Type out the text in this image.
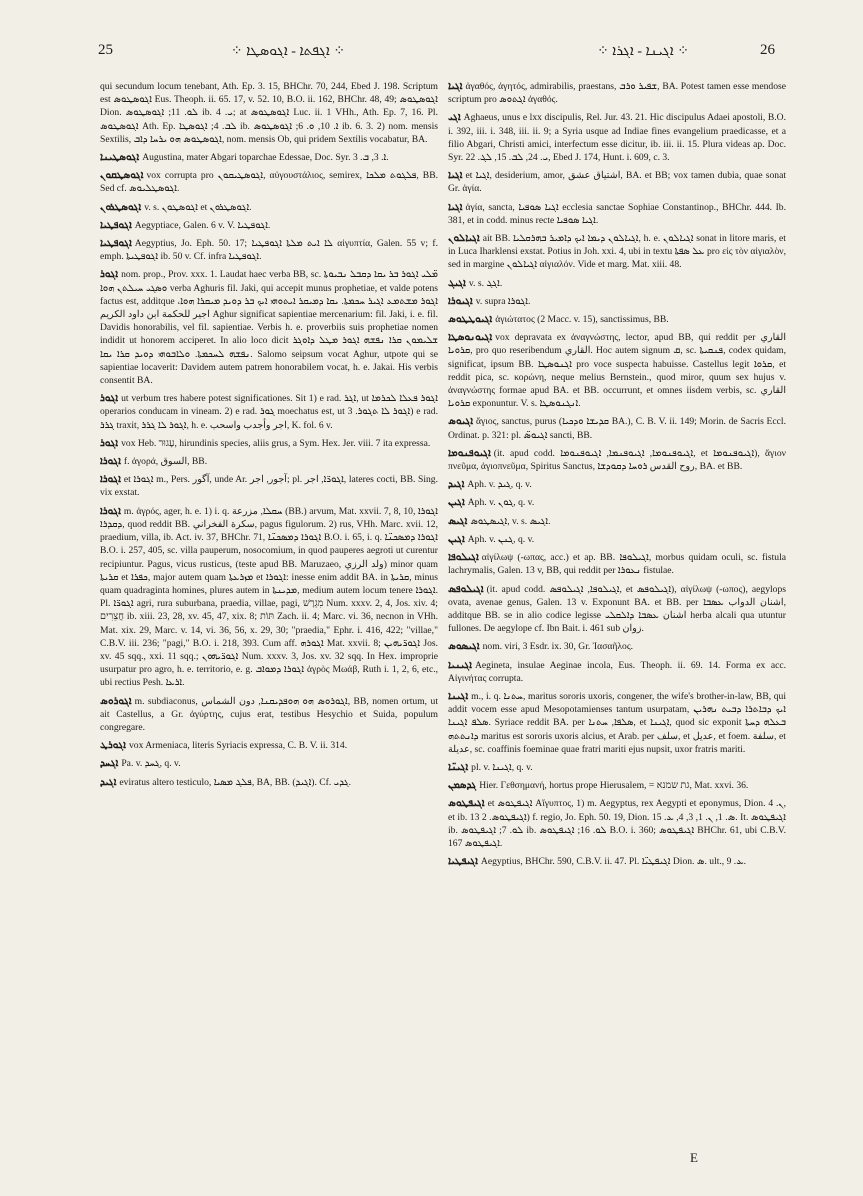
25	⁘ ܐܓܦܬܐ - ܐܓܘܣܛܐ ⁘	⁘ ܐܓܝܢܐ - ܐܓܪܐ ⁘	26

qui secundum locum tenebant, Ath. Ep. 3. 15, BHChr. 70, 244, Ebed J. 198. Scriptum est ܐܓܘܣܛܘܣ Eus. Theoph. ii. 65. 17, v. 52. 10, B.O. ii. 162, BHChr. 48, 49; ܐܓܘܣܛܘܣ Dion. ܠܘ. 11; ܐܓܘܣܛܘܣ ib. ܝ. 4; at ܐܓܘܣܛܘܣ Luc. ii. 1 VHh., Ath. Ep. 7, 16. Pl. ܐܓܘܣܛܘܣ Ath. Ep. ܠܒ. 4; ܐܓܘܣܛܐ ib. ܐ. 10, ܘ. 6; ܐܓܘܣܛܘܣ ib. 6. 3. 2) nom. mensis Sextilis, ܐܓܘܣܛܘܣ ܗܘ ܝܪܚܐ ܕܐܒ, nom. mensis Ob, qui pridem Sextilis vocabatur, BA.

ܐܓܘܣܛܝܢܐ Augustina, mater Abgari toparchae Edessae, Doc. Syr. ܐ. 3, ܒ. 3.

ܐܓܘܣܛܩܘܢ vox corrupta pro ܐܓܘܣܛܝܩܘܢ, αὐγουστάλιος, semirex, ܦܠܓܘܬ ܡܠܟܐ, BB. Sed cf. ܐܓܘܣܛܠܝܘܣ.

ܐܓܘܣܛܪܘܢ v. s. ܐܓܘܣܛܘܢ et ܐܓܘܣܛܪܘܢ.

ܐܓܘܦܛܝܐ Aegyptiace, Galen. 6 v. V. ܐܓܘܦܛܝܐ.

ܐܓܘܦܛܝܐ Aegyptius, Jo. Eph. 50. 17; ܠܐ ܐܝܬ ܡܠܬܐ ܐܓܘܦܛܝܐ αἰγυπτία, Galen. 55 v; f. emph. ܐܓܘܦܛܝܬܐ ib. 50 v. Cf. infra ܐܓܘܦܛܝܐ.

ܐܓܘܪ nom. prop., Prov. xxx. 1. Laudat haec verba BB, sc. ܡ̈ܠܝ ܐܓܘܪ ܒܪ ܝܩܐ ܕܩܒܠ ܢܒܝܘܬܐ ܘܣܓܝ ܚܝܠܬܢ ܗܘܐ verba Aghuris fil. Jaki, qui accepit munus prophetiae, et valde potens factus est, additque ܐܓܘܪ ܡܫܬܡܥ ܐܓܝܪ ܚܟܡܬܐ. ܝܩܐ ܕܡܝܩܪ ܐܝܬܘܗܝ ܐܝܟ ܒܪ ܕܘܝܕ ܡܝܩܪܐ ܗܘܐ، اجير للحكمة ابن داود الكريم Aghur significat sapientiae mercenarium: fil. Jaki, i. e. fil. Davidis honorabilis, vel fil. sapientiae. Verbis h. e. proverbiis suis prophetiae nomen indidit ut honorem acciperet. In alio loco dicit ܫܠܝܡܘܢ ܩܪܐ ܢܦܫܗ ܐܓܘܪ ܡܛܠ ܕܐܘܓܪ ܢܦܫܗ ܠܚܟܡܬܐ. ܘܠܐܒܘܗܝ ܕܘܝܕ ܩܪܐ ܝܩܐ. Salomo seipsum vocat Aghur, utpote qui se sapientiae locaverit: Davidem autem patrem honorabilem vocat, h. e. Jakai. His verbis consentit BA.

ܐܓܘܪ ut verbum tres habere potest significationes. Sit 1) e rad. ܐܓܪ, ut ܐܓܘܪ ܦܥܠܐ ܠܟܪܡܐ operarios conducam in vineam. 2) e rad. ܓܘܪ moechatus est, ut ܐܓܘܪ ܠܐ ܬܓܘܪ. 3) e rad. ܓܪܪ traxit, ܐܓܘܪ ܠܐ ܓܪܪ, h. e. اجر وأجدب واسحب, K. fol. 6 v.

ܐܓܘܪ vox Heb. עָגוּר, hirundinis species, aliis grus, a Sym. Hex. Jer. viii. 7 ita expressa.

ܐܓܘܪܐ f. ἀγορά, السوق, BB.

ܐܓܘܪܐ et ܐܓܘܪܐ m., Pers. آگور, unde Ar. آجور, اجر; pl. ܐܓܘܪ̈ܐ, اجر, lateres cocti, BB. Sing. vix exstat.

ܐܓܘܪܐ m. ἀγρός, ager, h. e. 1) i. q. ܚܩܠܐ, مزرعة (BB.) arvum, Mat. xxvii. 7, 8, 10, ܐܓܘܪܐ ܕܩܕܪܐ, quod reddit BB. سكرة الفخراني, pagus figulorum. 2) rus, VHh. Marc. xvii. 12, praedium, villa, ib. Act. iv. 37, BHChr. 71, ܐܓܘܪܐ ܕܡܣܟܢ̈ܐ B.O. i. 65, i. q. ܐܓܘܪܐ ܕܡܣܟܢ̈ܐ B.O. i. 257, 405, sc. villa pauperum, nosocomium, in quod pauperes aegroti ut curentur recipiuntur. Pagus, vicus rusticus, (teste apud BB. Maruzaeo, ولد الرزي) minor quam ܩܪܝܬܐ et ܟܦܪܐ, major autem quam ܡܙܪܥܬܐ et ܐܓܘܪܐ: inesse enim addit BA. in ܩܪܝܬܐ, minus quam quadraginta homines, plures autem in ܡܕܝܢܬܐ, medium autem locum tenere ܐܓܘܪܐ. Pl. ܐܓܘܪ̈ܐ agri, rura suburbana, praedia, villae, pagi, מִגְרָשׁ Num. xxxv. 2, 4, Jos. xiv. 4; חֲצֵרִים ib. xiii. 23, 28, xv. 45, 47, xix. 8; תּוֹת Zach. ii. 4; Marc. vi. 36, necnon in VHh. Mat. xix. 29, Marc. v. 14, vi. 36, 56, x. 29, 30; "praedia," Ephr. i. 416, 422; "villae," C.B.V. iii. 236; "pagi," B.O. i. 218, 393. Cum aff. ܐܓܘܪܗ Mat. xxvii. 8; ܐܓܘܪ̈ܝܗܝܢ Jos. xv. 45 sqq., xxi. 11 sqq.; ܐܓܘܪ̈ܝܗܘܢ Num. xxxv. 3, Jos. xv. 32 sqq. In Hex. improprie usurpatur pro agro, h. e. territorio, e. g. ܐܓܘܪܐ ܕܡܘܐܒ ἀγρὸς Μωάβ, Ruth i. 1, 2, 6, etc., ubi rectius Pesh. ܐܪܥܐ.

ܐܓܘܪܘܣ m. subdiaconus, ܐܓܘܪܘܣ ܗܘ ܗܘܦܕܝܩܢܐ, دون الشماس, BB, nomen ortum, ut ait Castellus, a Gr. ἀγύρτης, cujus erat, testibus Hesychio et Suida, populum congregare.

ܐܓܘܪܛ vox Armeniaca, literis Syriacis expressa, C. B. V. ii. 314.

ܐܓܚܕ Pa. v. ܓܚܕ, q. v.

ܐܓܝܕ eviratus altero testiculo, ܦܠܓ ܡܣܝܐ, BA, BB. (ܐܓܝܕ). Cf. ܓܕܝ.

ܐܓܝܐ ἀγαθός, ἀγητός, admirabilis, praestans, ܫܦܝܪ ܘܪܒ, BA. Potest tamen esse mendose scriptum pro ܐܓܬܘܣ ἀγαθός.

ܐܓܝ Aghaeus, unus e lxx discipulis, Rel. Jur. 43. 21. Hic discipulus Adaei apostoli, B.O. i. 392, iii. i. 348, iii. ii. 9; a Syria usque ad Indiae fines evangelium praedicasse, et a filio Abgari, Christi amici, interfectum esse dicitur, ib. iii. ii. 15. Plura videas ap. Doc. Syr. ܝ. 24, ܠܒ. 15, ܠܓ. 22, Ebed J. 174, Hunt. i. 609, c. 3.

ܐܓܝܐ et ܐܓܝܐ, desiderium, amor, اشتياق عشق, BA. et BB; vox tamen dubia, quae sonat Gr. ἁγία.

ܐܓܝܐ ἁγία, sancta, ܐܓܝܐ ܣܘܦܝܐ ecclesia sanctae Sophiae Constantinop., BHChr. 444. Ib. 381, et in codd. minus recte ܐܓܝܐ ܣܘܦܝܐ.

ܐܓܝܐܠܘܢ ait BB. ܐܓܝܐܠܘܢ ܕܝܡܐ ܐܝܟ ܕܐܡܝܪ ܒܗܪܩܠܝܐ, h. e. ܐܓܝܐܠܘܢ sonat in litore maris, et in Luca Iharklensi exstat. Potius in Joh. xxi. 4, ubi in textu ܥܠ ܣܦܬܐ pro εἰς τὸν αἰγιαλὸν, sed in margine ܐܓܝܐܠܘܢ αἰγιαλόν. Vide et marg. Mat. xiii. 48.

ܐܓܝܓ v. s. ܐܓܓ.

ܐܓܝܘܪܐ v. supra ܐܓܘܪܐ.

ܐܓܝܘܛܛܘܣ ἁγιώτατος (2 Macc. v. 15), sanctissimus, BB.

ܐܓܝܘܢܘܣܛܐ vox depravata ex ἀναγνώστης, lector, apud BB, qui reddit per القاري ܩܪܘܝܐ, pro quo reseribendum القاري. Hoc autem signum ܩ, sc. ܦܢܩܝܬܐ, codex quidam, significat, ipsum BB. ܐܓܢܘܣܛܐ pro voce suspecta habuisse. Castellus legit ܩܪܘܐ, et reddit pica, sc. κορώνη, neque melius Bernstein., quod miror, quum sex hujus v. ἀναγνώστης formae apud BA. et BB. occurrunt, et omnes iisdem verbis, sc. القاري ܩܪܘܝܐ exponuntur. V. s. ܐܢܓܢܘܣܛܐ.

ܐܓܝܘܣ ἅγιος, sanctus, purus (ܩܕܝܫܐ ܘܕܟܝܐ BA.), C. B. V. ii. 149; Morin. de Sacris Eccl. Ordinat. p. 321: pl. ܐܓܝܘܣ̈ sancti, BB.

ܐܓܝܘܦܢܘܡܐ (it. apud codd. ܐܓܝܘܦܢܘܡܐ, ܐܓܝܘܦܢܡܐ, ܐܓܝܘܦܢܘܡܐ, et ܐܓܝܘܦܢܘܡܐ), ἅγιον πνεῦμα, ἁγιοπνεῦμα, Spiritus Sanctus, روح القدس ܪܘܚܐ ܕܩܘܕܫܐ, BA. et BB.

ܐܓܝܕ Aph. v. ܓܝܕ, q. v.

ܐܓܝܢ Aph. v. ܓܘܢ, q. v.

ܐܓܝܣ ܐܓܝܣܛܘܣ, v. s. ܐܓܝܣ.

ܐܓܝܢ Aph. v. ܓܢܢ, q. v.

ܐܓܝܠܘܦܐ αἰγίλωψ (-ωπας, acc.) et ap. BB. ܐܓܝܠܘܦܐ, morbus quidam oculi, sc. fistula lachrymalis, Galen. 13 v, BB, qui reddit per ܢܥܘܪܐ fistulae.

ܐܓܝܠܘܦܣ (it. apud codd. ܐܓܝܠܘܦܐ, ܐܓܝܠܘܦܣ, et ܐܓܝܠܘܦܣ), αἰγίλωψ (-ωπος), aegylops ovata, avenae genus, Galen. 13 v. Exponunt BA. et BB. per اشنان الدواب ܥܣܒܐ, additque BB. se in alio codice legisse اشنان ܥܣܒܐ ܕܐܠܩܠܝ herba alcali qua utuntur fullones. De aegylope cf. Ibn Bait. i. 461 sub زوان.

ܐܓܝܣܘܣ nom. viri, 3 Esdr. ix. 30, Gr. Ἰασαῆλος.

ܐܓܝܢܝܐ Aegineta, insulae Aeginae incola, Eus. Theoph. ii. 69. 14. Forma ex acc. Αἰγινήτας corrupta.

ܐܓܝܢܐ m., i. q. ܚܬܢܐ, maritus sororis uxoris, congener, the wife's brother-in-law, BB, qui addit vocem esse apud Mesopotamienses tantum usurpatam, ܐܝܟ ܕܒܐܬܪܐ ܕܒܝܬ ܢܗܪܝܢ ܣܠܦ ܐܓܝܢܐ. Syriace reddit BA. per ܣܠܦܐ, ܚܬܢܐ, et ܐܓܝܢܐ, quod sic exponit ܒܥܠܗ ܕܚܬܐ ܕܐܢܬܬܗ maritus est sororis uxoris alcius, et Arab. per سلف, et عديل, et foem. سلفة, et عديلة, sc. coaffinis foeminae quae fratri mariti ejus nupsit, uxor fratris mariti.

ܐܓܝܢ̈ܐ pl. v. ܐܓܝܢܐ, q. v.

ܓܕܣܡܢ Hier. Γεθσημανή, hortus prope Hierusalem, = גת שמנא, Mat. xxvi. 36.

ܐܓܝܦܛܘܣ et ܐܓܝܦܛܘܣ Αἴγυπτος, 1) m. Aegyptus, rex Aegypti et eponymus, Dion. ܢ. 4, et ib. 13 ܐܓܝܦܛܘܣ. 2) f. regio, Jo. Eph. 50. 19, Dion. ܣ. 1, ܢ. 1, 3, 4, ܥ. 15. It. ܐܓܝܦܛܘܣ ib. ܠܘ. 7; ܐܓܝܦܛܘܣ ib. ܠܘ. 16; ܐܓܝܦܛܘܣ B.O. i. 360; ܐܓܝܦܛܘܣ BHChr. 61, ubi C.B.V. 167 ܐܓܝܦܛܘܣ.

ܐܓܝܦܛܝܐ Aegyptius, BHChr. 590, C.B.V. ii. 47. Pl. ܐܓܝܦܛܝ̈ܐ Dion. ܣ. ult., ܥ. 9.

E
